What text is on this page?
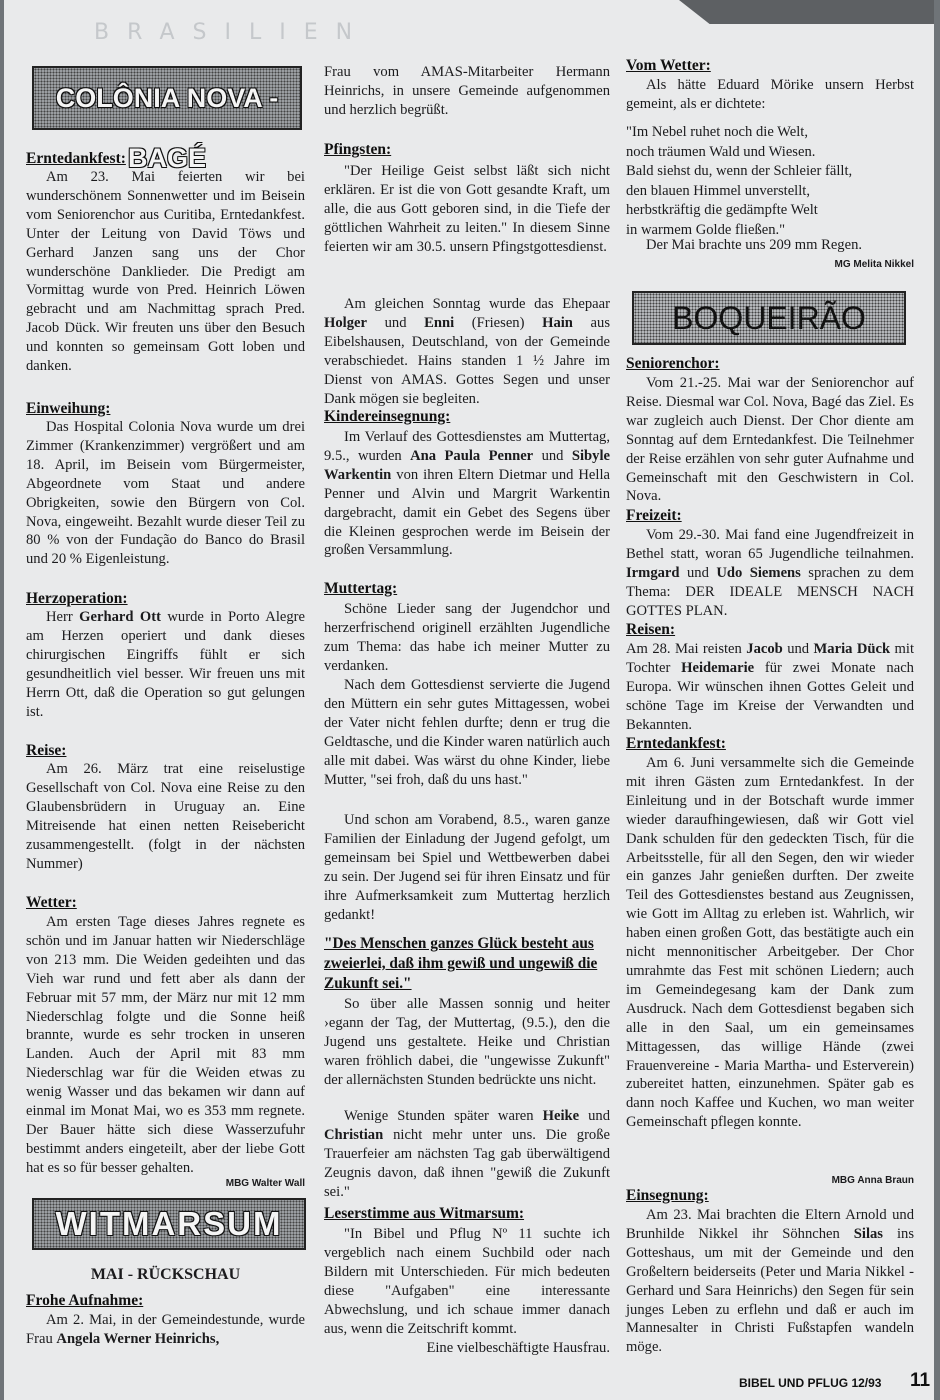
BRASILIEN
COLÔNIA NOVA - BAGÉ
Erntedankfest:
Am 23. Mai feierten wir bei wunderschönem Sonnenwetter und im Beisein vom Seniorenchor aus Curitiba, Erntedankfest. Unter der Leitung von David Töws und Gerhard Janzen sang uns der Chor wunderschöne Danklieder. Die Predigt am Vormittag wurde von Pred. Heinrich Löwen gebracht und am Nachmittag sprach Pred. Jacob Dück. Wir freuten uns über den Besuch und konnten so gemeinsam Gott loben und danken.
Einweihung:
Das Hospital Colonia Nova wurde um drei Zimmer (Krankenzimmer) vergrößert und am 18. April, im Beisein vom Bürgermeister, Abgeordnete vom Staat und andere Obrigkeiten, sowie den Bürgern von Col. Nova, eingeweiht. Bezahlt wurde dieser Teil zu 80 % von der Fundação do Banco do Brasil und 20 % Eigenleistung.
Herzoperation:
Herr Gerhard Ott wurde in Porto Alegre am Herzen operiert und dank dieses chirurgischen Eingriffs fühlt er sich gesundheitlich viel besser. Wir freuen uns mit Herrn Ott, daß die Operation so gut gelungen ist.
Reise:
Am 26. März trat eine reiselustige Gesellschaft von Col. Nova eine Reise zu den Glaubensbrüdern in Uruguay an. Eine Mitreisende hat einen netten Reisebericht zusammengestellt. (folgt in der nächsten Nummer)
Wetter:
Am ersten Tage dieses Jahres regnete es schön und im Januar hatten wir Niederschläge von 213 mm. Die Weiden gedeihten und das Vieh war rund und fett aber als dann der Februar mit 57 mm, der März nur mit 12 mm Niederschlag folgte und die Sonne heiß brannte, wurde es sehr trocken in unseren Landen. Auch der April mit 83 mm Niederschlag war für die Weiden etwas zu wenig Wasser und das bekamen wir dann auf einmal im Monat Mai, wo es 353 mm regnete. Der Bauer hätte sich diese Wasserzufuhr bestimmt anders eingeteilt, aber der liebe Gott hat es so für besser gehalten.
MBG Walter Wall
WITMARSUM
MAI - RÜCKSCHAU
Frohe Aufnahme:
Am 2. Mai, in der Gemeindestunde, wurde Frau Angela Werner Heinrichs,
Frau vom AMAS-Mitarbeiter Hermann Heinrichs, in unsere Gemeinde aufgenommen und herzlich begrüßt.
Pfingsten:
"Der Heilige Geist selbst läßt sich nicht erklären. Er ist die von Gott gesandte Kraft, um alle, die aus Gott geboren sind, in die Tiefe der göttlichen Wahrheit zu leiten." In diesem Sinne feierten wir am 30.5. unsern Pfingstgottesdienst.
Am gleichen Sonntag wurde das Ehepaar Holger und Enni (Friesen) Hain aus Eibelshausen, Deutschland, von der Gemeinde verabschiedet. Hains standen 1 ½ Jahre im Dienst von AMAS. Gottes Segen und unser Dank mögen sie begleiten.
Kindereinsegnung:
Im Verlauf des Gottesdienstes am Muttertag, 9.5., wurden Ana Paula Penner und Sibyle Warkentin von ihren Eltern Dietmar und Hella Penner und Alvin und Margrit Warkentin dargebracht, damit ein Gebet des Segens über die Kleinen gesprochen werde im Beisein der großen Versammlung.
Muttertag:
Schöne Lieder sang der Jugendchor und herzerfrischend originell erzählten Jugendliche zum Thema: das habe ich meiner Mutter zu verdanken.
Nach dem Gottesdienst servierte die Jugend den Müttern ein sehr gutes Mittagessen, wobei der Vater nicht fehlen durfte; denn er trug die Geldtasche, und die Kinder waren natürlich auch alle mit dabei. Was wärst du ohne Kinder, liebe Mutter, "sei froh, daß du uns hast."
Und schon am Vorabend, 8.5., waren ganze Familien der Einladung der Jugend gefolgt, um gemeinsam bei Spiel und Wettbewerben dabei zu sein. Der Jugend sei für ihren Einsatz und für ihre Aufmerksamkeit zum Muttertag herzlich gedankt!
"Des Menschen ganzes Glück besteht aus zweierlei, daß ihm gewiß und ungewiß die Zukunft sei."
So über alle Massen sonnig und heiter ›egann der Tag, der Muttertag, (9.5.), den die Jugend uns gestaltete. Heike und Christian waren fröhlich dabei, die "ungewisse Zukunft" der allernächsten Stunden bedrückte uns nicht.
Wenige Stunden später waren Heike und Christian nicht mehr unter uns. Die große Trauerfeier am nächsten Tag gab überwältigend Zeugnis davon, daß ihnen "gewiß die Zukunft sei."
Leserstimme aus Witmarsum:
"In Bibel und Pflug Nº 11 suchte ich vergeblich nach einem Suchbild oder nach Bildern mit Unterschieden. Für mich bedeuten diese "Aufgaben" eine interessante Abwechslung, und ich schaue immer danach aus, wenn die Zeitschrift kommt.
Eine vielbeschäftigte Hausfrau.
Vom Wetter:
Als hätte Eduard Mörike unsern Herbst gemeint, als er dichtete:
"Im Nebel ruhet noch die Welt,
noch träumen Wald und Wiesen.
Bald siehst du, wenn der Schleier fällt,
den blauen Himmel unverstellt,
herbstkräftig die gedämpfte Welt
in warmem Golde fließen."
Der Mai brachte uns 209 mm Regen.
MG Melita Nikkel
BOQUEIRÃO
Seniorenchor:
Vom 21.-25. Mai war der Seniorenchor auf Reise. Diesmal war Col. Nova, Bagé das Ziel. Es war zugleich auch Dienst. Der Chor diente am Sonntag auf dem Erntedankfest. Die Teilnehmer der Reise erzählen von sehr guter Aufnahme und Gemeinschaft mit den Geschwistern in Col. Nova.
Freizeit:
Vom 29.-30. Mai fand eine Jugendfreizeit in Bethel statt, woran 65 Jugendliche teilnahmen. Irmgard und Udo Siemens sprachen zu dem Thema: DER IDEALE MENSCH NACH GOTTES PLAN.
Reisen:
Am 28. Mai reisten Jacob und Maria Dück mit Tochter Heidemarie für zwei Monate nach Europa. Wir wünschen ihnen Gottes Geleit und schöne Tage im Kreise der Verwandten und Bekannten.
Erntedankfest:
Am 6. Juni versammelte sich die Gemeinde mit ihren Gästen zum Erntedankfest. In der Einleitung und in der Botschaft wurde immer wieder daraufhingewiesen, daß wir Gott viel Dank schulden für den gedeckten Tisch, für die Arbeitsstelle, für all den Segen, den wir wieder ein ganzes Jahr genießen durften. Der zweite Teil des Gottesdienstes bestand aus Zeugnissen, wie Gott im Alltag zu erleben ist. Wahrlich, wir haben einen großen Gott, das bestätigte auch ein nicht mennonitischer Arbeitgeber. Der Chor umrahmte das Fest mit schönen Liedern; auch im Gemeindegesang kam der Dank zum Ausdruck. Nach dem Gottesdienst begaben sich alle in den Saal, um ein gemeinsames Mittagessen, das willige Hände (zwei Frauenvereine - Maria Martha- und Esterverein) zubereitet hatten, einzunehmen. Später gab es dann noch Kaffee und Kuchen, wo man weiter Gemeinschaft pflegen konnte.
MBG Anna Braun
Einsegnung:
Am 23. Mai brachten die Eltern Arnold und Brunhilde Nikkel ihr Söhnchen Silas ins Gotteshaus, um mit der Gemeinde und den Großeltern beiderseits (Peter und Maria Nikkel - Gerhard und Sara Heinrichs) den Segen für sein junges Leben zu erflehn und daß er auch im Mannesalter in Christi Fußstapfen wandeln möge.
BIBEL UND PFLUG 12/93 11
